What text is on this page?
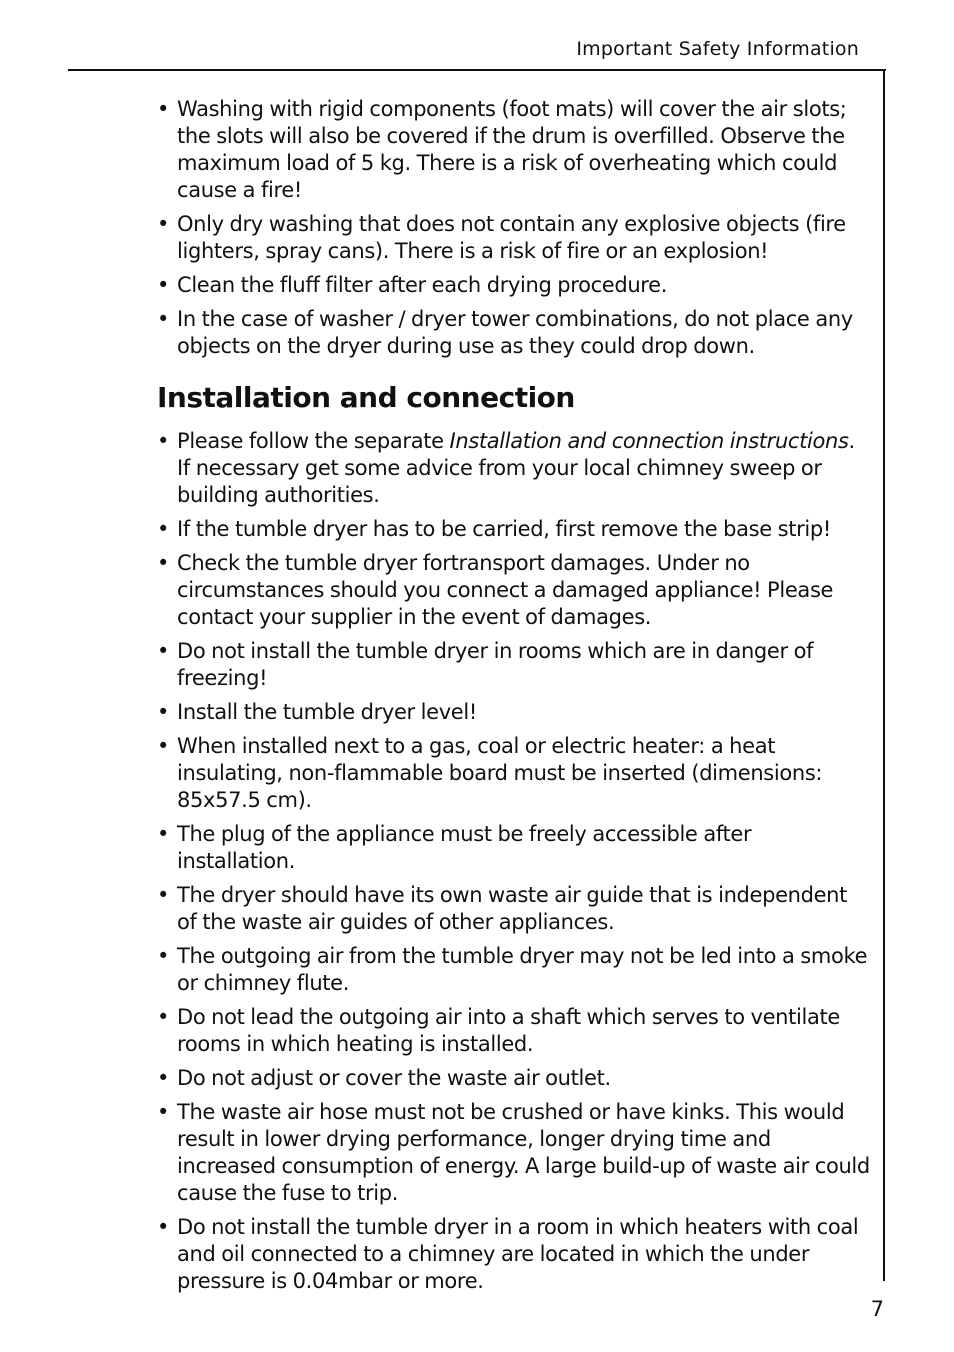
Important Safety Information
• Washing with rigid components (foot mats) will cover the air slots; the slots will also be covered if the drum is overfilled. Observe the maximum load of 5 kg. There is a risk of overheating which could cause a fire!
• Only dry washing that does not contain any explosive objects (fire lighters, spray cans). There is a risk of fire or an explosion!
• Clean the fluff filter after each drying procedure.
• In the case of washer / dryer tower combinations, do not place any objects on the dryer during use as they could drop down.
Installation and connection
• Please follow the separate Installation and connection instructions. If necessary get some advice from your local chimney sweep or building authorities.
• If the tumble dryer has to be carried, first remove the base strip!
• Check the tumble dryer fortransport damages. Under no circumstances should you connect a damaged appliance! Please contact your supplier in the event of damages.
• Do not install the tumble dryer in rooms which are in danger of freezing!
• Install the tumble dryer level!
• When installed next to a gas, coal or electric heater: a heat insulating, non-flammable board must be inserted (dimensions: 85x57.5 cm).
• The plug of the appliance must be freely accessible after installation.
• The dryer should have its own waste air guide that is independent of the waste air guides of other appliances.
• The outgoing air from the tumble dryer may not be led into a smoke or chimney flute.
• Do not lead the outgoing air into a shaft which serves to ventilate rooms in which heating is installed.
• Do not adjust or cover the waste air outlet.
• The waste air hose must not be crushed or have kinks. This would result in lower drying performance, longer drying time and increased consumption of energy. A large build-up of waste air could cause the fuse to trip.
• Do not install the tumble dryer in a room in which heaters with coal and oil connected to a chimney are located in which the under pressure is 0.04mbar or more.
7
